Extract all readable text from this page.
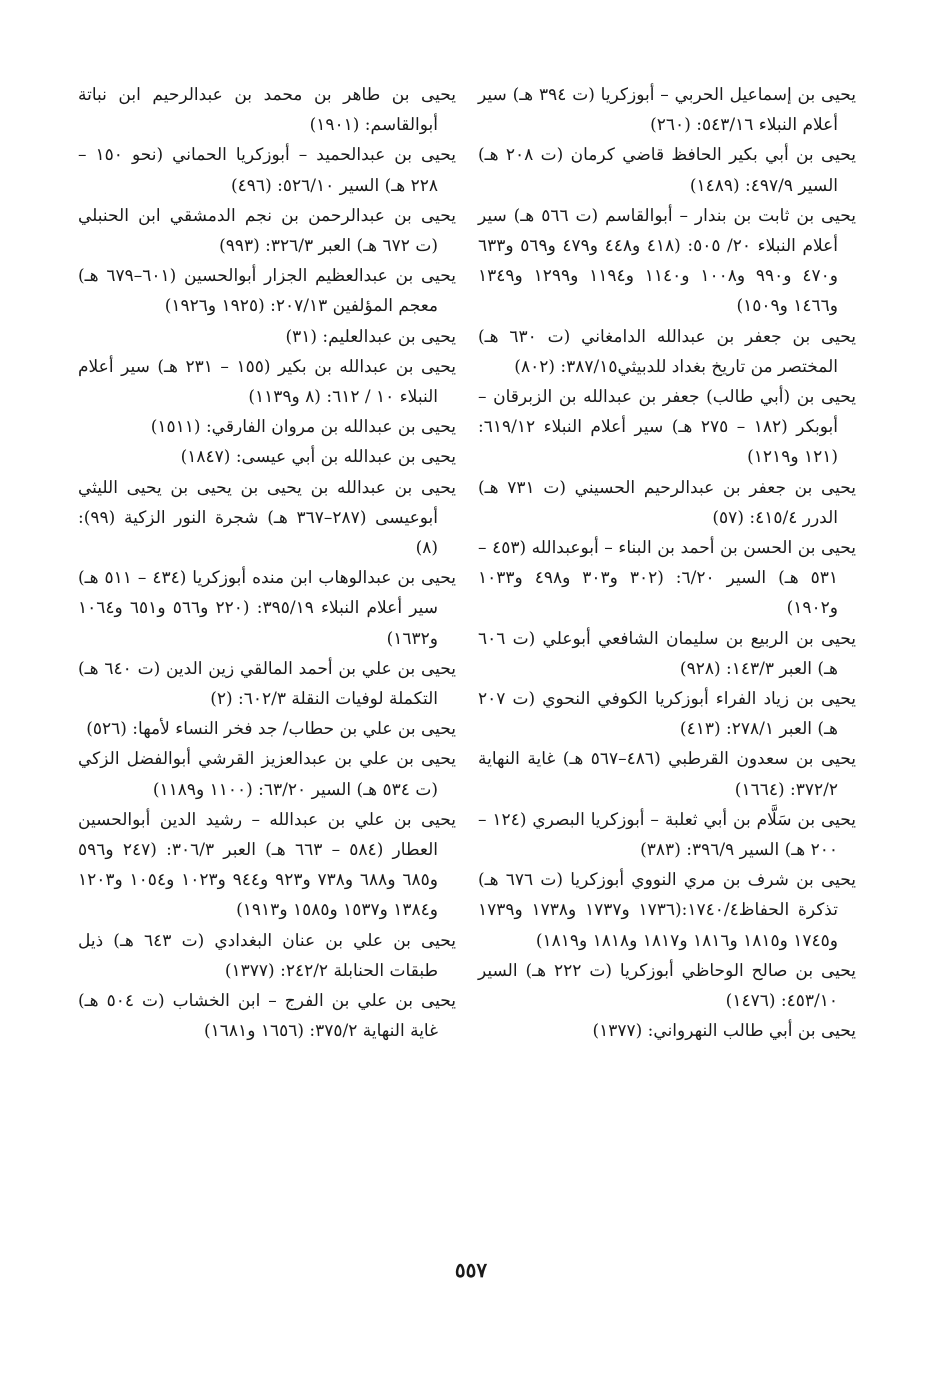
يحيى بن إسماعيل الحربي – أبوزكريا (ت ٣٩٤ هـ) سير أعلام النبلاء ٥٤٣/١٦: (٢٦٠)

يحيى بن أبي بكير الحافظ قاضي كرمان (ت ٢٠٨ هـ) السير ٤٩٧/٩: (١٤٨٩)

يحيى بن ثابت بن بندار – أبوالقاسم (ت ٥٦٦ هـ) سير أعلام النبلاء ٢٠/ ٥٠٥: (٤١٨ و٤٤٨ و٤٧٩ و٥٦٩ و٦٣٣ و٤٧٠ و٩٩٠ و١٠٠٨ و١١٤٠ و١١٩٤ و١٢٩٩ و١٣٤٩ و١٤٦٦ و١٥٠٩)

يحيى بن جعفر بن عبدالله الدامغاني (ت ٦٣٠ هـ) المختصر من تاريخ بغداد للدبيثي٣٨٧/١٥: (٨٠٢)

يحيى بن (أبي طالب) جعفر بن عبدالله بن الزبرقان – أبوبكر (١٨٢ – ٢٧٥ هـ) سير أعلام النبلاء ٦١٩/١٢: (١٢١ و١٢١٩)

يحيى بن جعفر بن عبدالرحيم الحسيني (ت ٧٣١ هـ) الدرر ٤١٥/٤: (٥٧)

يحيى بن الحسن بن أحمد بن البناء – أبوعبدالله (٤٥٣ – ٥٣١ هـ) السير ٦/٢٠: (٣٠٢ و٣٠٣ و٤٩٨ و١٠٣٣ و١٩٠٢)

يحيى بن الربيع بن سليمان الشافعي أبوعلي (ت ٦٠٦ هـ) العبر ١٤٣/٣: (٩٢٨)

يحيى بن زياد الفراء أبوزكريا الكوفي النحوي (ت ٢٠٧ هـ) العبر ٢٧٨/١: (٤١٣)

يحيى بن سعدون القرطبي (٤٨٦–٥٦٧ هـ) غاية النهاية ٣٧٢/٢: (١٦٦٤)

يحيى بن سَلَّام بن أبي ثعلبة – أبوزكريا البصري (١٢٤ – ٢٠٠ هـ) السير ٣٩٦/٩: (٣٨٣)

يحيى بن شرف بن مري النووي أبوزكريا (ت ٦٧٦ هـ) تذكرة الحفاظ١٧٤٠/٤:(١٧٣٦ و١٧٣٧ و١٧٣٨ و١٧٣٩ و١٧٤٥ و١٨١٥ و١٨١٦ و١٨١٧ و١٨١٨ و١٨١٩)

يحيى بن صالح الوحاظي أبوزكريا (ت ٢٢٢ هـ) السير ٤٥٣/١٠: (١٤٧٦)

يحيى بن أبي طالب النهرواني: (١٣٧٧)

يحيى بن طاهر بن محمد بن عبدالرحيم ابن نباتة أبوالقاسم: (١٩٠١)

يحيى بن عبدالحميد – أبوزكريا الحماني (نحو ١٥٠ – ٢٢٨ هـ) السير ٥٢٦/١٠: (٤٩٦)

يحيى بن عبدالرحمن بن نجم الدمشقي ابن الحنبلي (ت ٦٧٢ هـ) العبر ٣٢٦/٣: (٩٩٣)

يحيى بن عبدالعظيم الجزار أبوالحسين (٦٠١–٦٧٩ هـ) معجم المؤلفين ٢٠٧/١٣: (١٩٢٥ و١٩٢٦)

يحيى بن عبدالعليم: (٣١)

يحيى بن عبدالله بن بكير (١٥٥ – ٢٣١ هـ) سير أعلام النبلاء ١٠ / ٦١٢: (٨ و١١٣٩)

يحيى بن عبدالله بن مروان الفارقي: (١٥١١)

يحيى بن عبدالله بن أبي عيسى: (١٨٤٧)

يحيى بن عبدالله بن يحيى بن يحيى بن يحيى الليثي أبوعيسى (٢٨٧–٣٦٧ هـ) شجرة النور الزكية (٩٩): (٨)

يحيى بن عبدالوهاب ابن منده أبوزكريا (٤٣٤ – ٥١١ هـ) سير أعلام النبلاء ٣٩٥/١٩: (٢٢٠ و٥٦٦ و٦٥١ و١٠٦٤ و١٦٣٢)

يحيى بن علي بن أحمد المالقي زين الدين (ت ٦٤٠ هـ) التكملة لوفيات النقلة ٦٠٢/٣: (٢)

يحيى بن علي بن حطاب/ جد فخر النساء لأمها: (٥٢٦)

يحيى بن علي بن عبدالعزيز القرشي أبوالفضل الزكي (ت ٥٣٤ هـ) السير ٦٣/٢٠: (١١٠٠ و١١٨٩)

يحيى بن علي بن عبدالله – رشيد الدين أبوالحسين العطار (٥٨٤ – ٦٦٣ هـ) العبر ٣٠٦/٣: (٢٤٧ و٥٩٦ و٦٨٥ و٦٨٨ و٧٣٨ و٩٢٣ و٩٤٤ و١٠٢٣ و١٠٥٤ و١٢٠٣ و١٣٨٤ و١٥٣٧ و١٥٨٥ و١٩١٣)

يحيى بن علي بن عنان البغدادي (ت ٦٤٣ هـ) ذيل طبقات الحنابلة ٢٤٢/٢: (١٣٧٧)

يحيى بن علي بن الفرج – ابن الخشاب (ت ٥٠٤ هـ) غاية النهاية ٣٧٥/٢: (١٦٥٦ و١٦٨١)

٥٥٧
